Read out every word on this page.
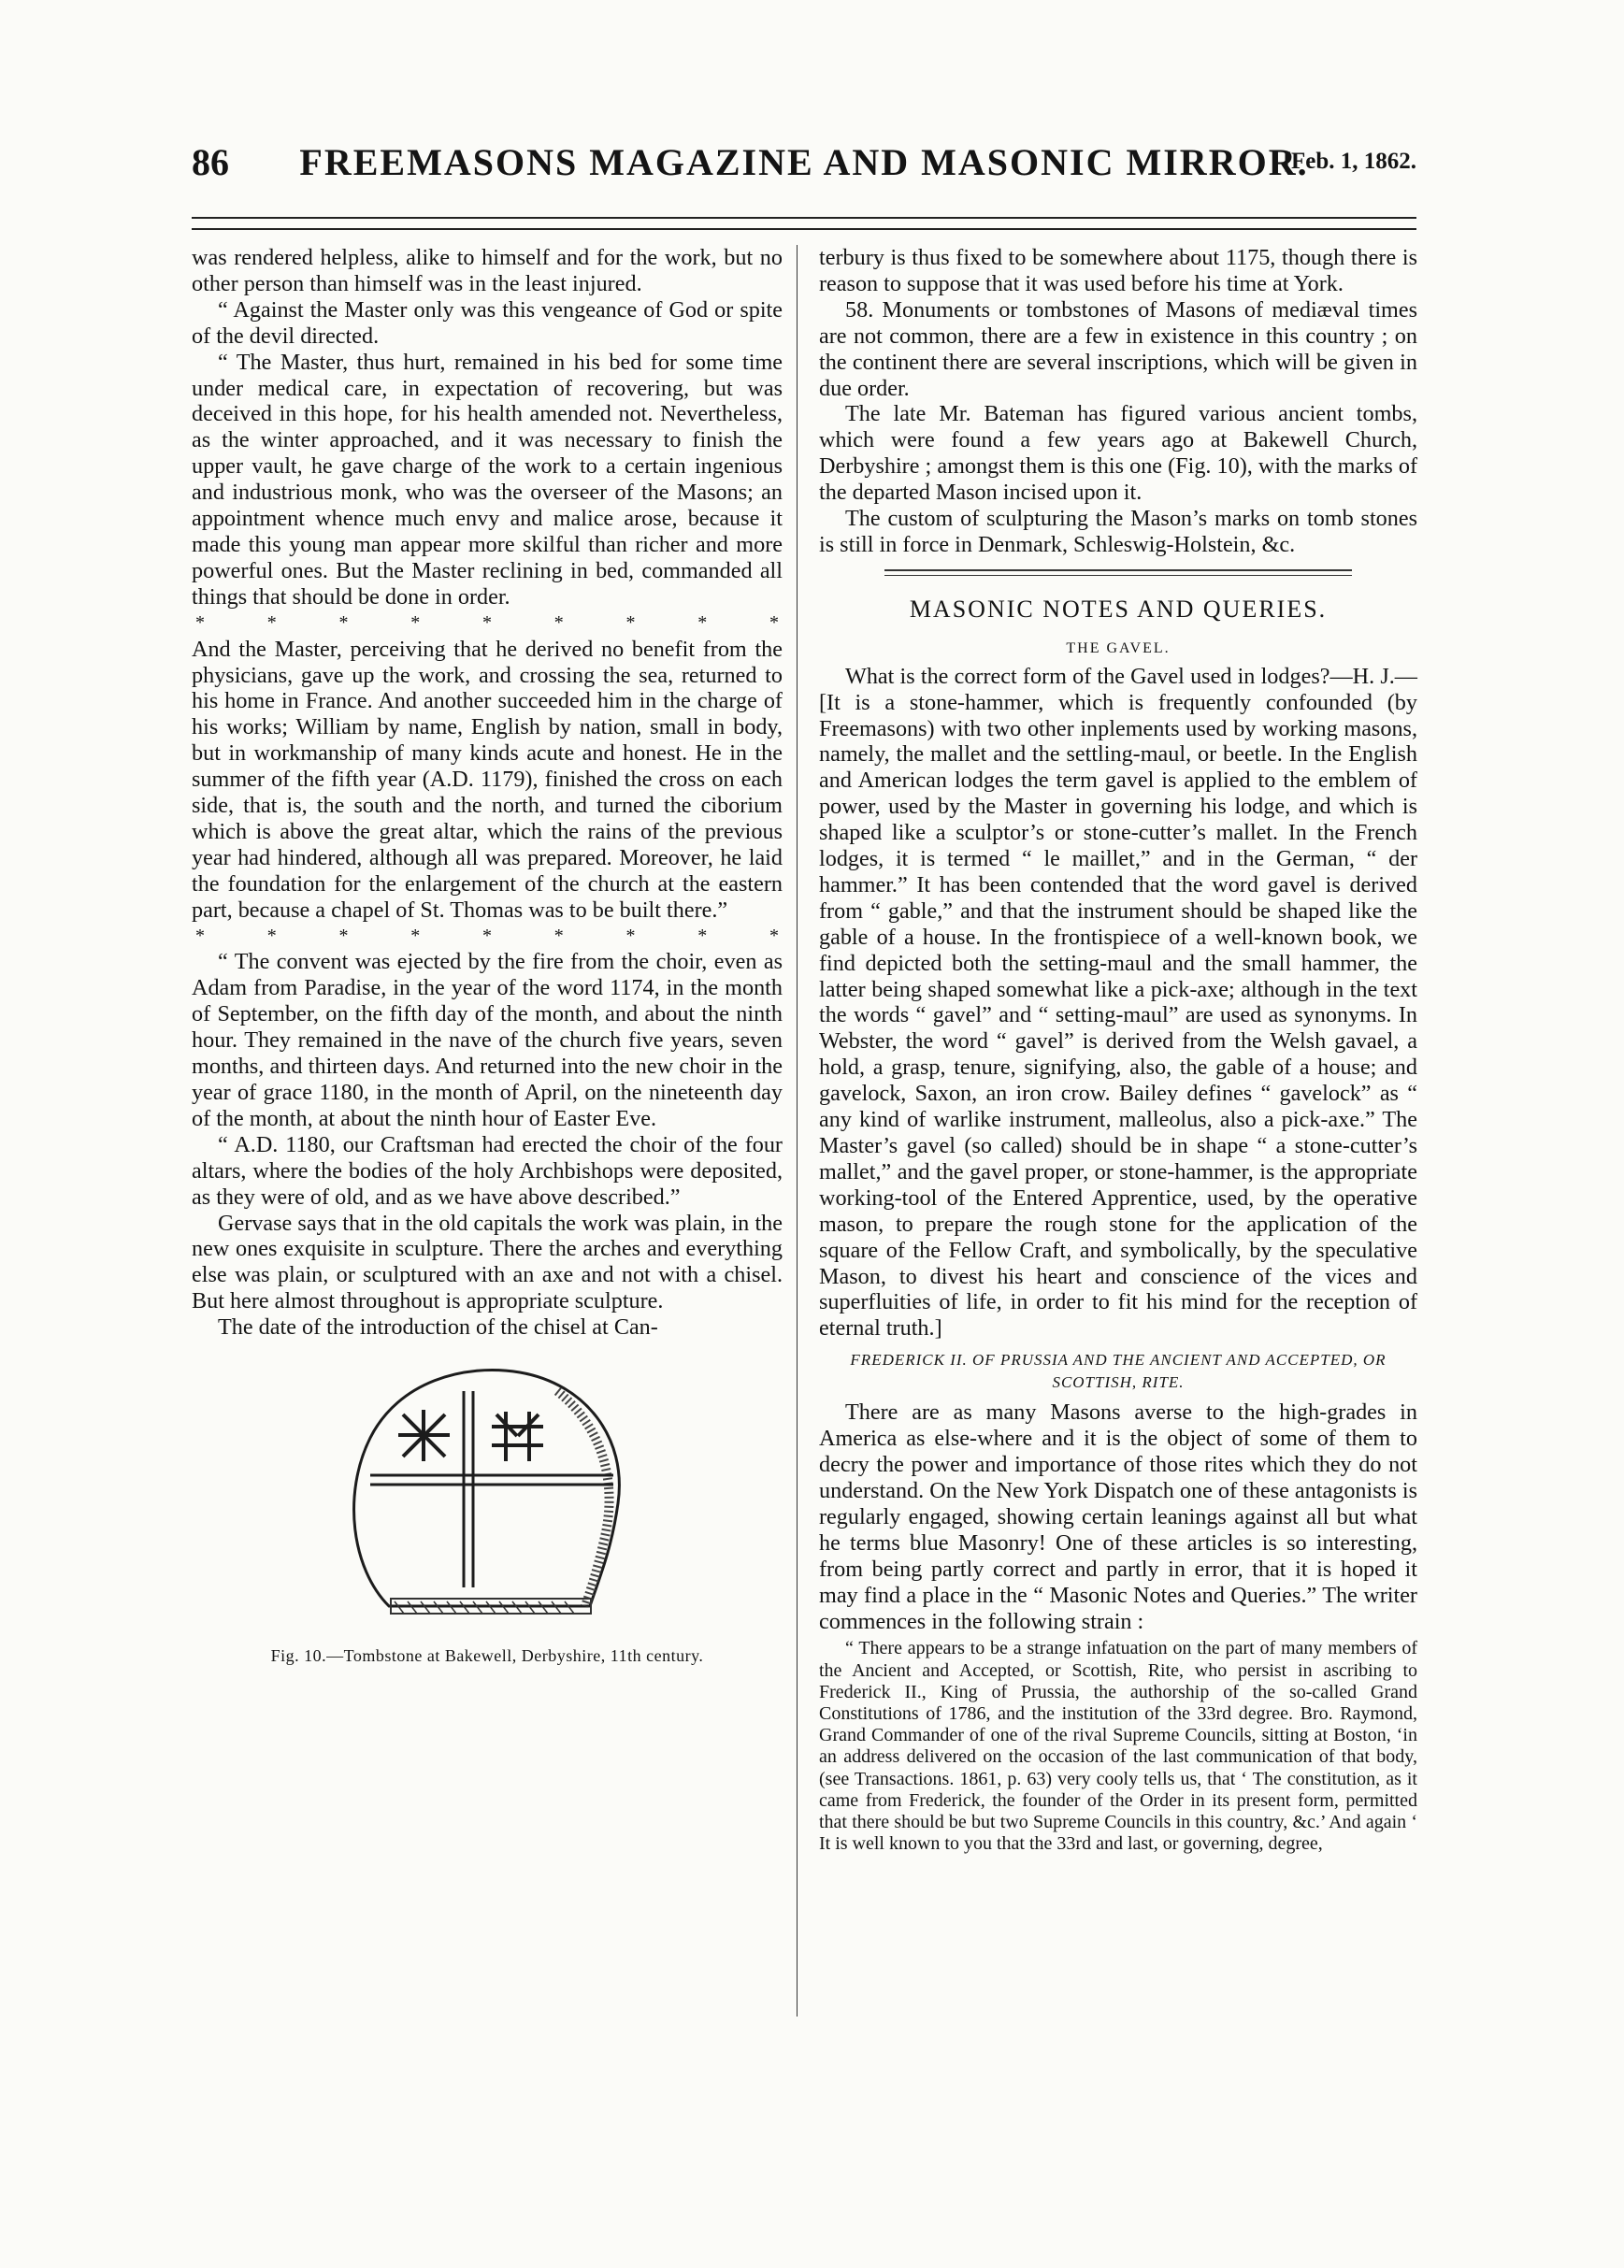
86	FREEMASONS MAGAZINE AND MASONIC MIRROR.
[Feb. 1, 1862.

was rendered helpless, alike to himself and for the work, but no other person than himself was in the least injured.

“ Against the Master only was this vengeance of God or spite of the devil directed.

“ The Master, thus hurt, remained in his bed for some time under medical care, in expectation of recovering, but was deceived in this hope, for his health amended not. Nevertheless, as the winter approached, and it was necessary to finish the upper vault, he gave charge of the work to a certain ingenious and industrious monk, who was the overseer of the Masons; an appointment whence much envy and malice arose, because it made this young man appear more skilful than richer and more powerful ones. But the Master reclining in bed, commanded all things that should be done in order.

*	*	*	*	*	*	*	*	*

And the Master, perceiving that he derived no benefit from the physicians, gave up the work, and crossing the sea, returned to his home in France. And another succeeded him in the charge of his works; William by name, English by nation, small in body, but in workmanship of many kinds acute and honest. He in the summer of the fifth year (A.D. 1179), finished the cross on each side, that is, the south and the north, and turned the ciborium which is above the great altar, which the rains of the previous year had hindered, although all was prepared. Moreover, he laid the foundation for the enlargement of the church at the eastern part, because a chapel of St. Thomas was to be built there.”

*	*	*	*	*	*	*	*	*

“ The convent was ejected by the fire from the choir, even as Adam from Paradise, in the year of the word 1174, in the month of September, on the fifth day of the month, and about the ninth hour. They remained in the nave of the church five years, seven months, and thirteen days. And returned into the new choir in the year of grace 1180, in the month of April, on the nineteenth day of the month, at about the ninth hour of Easter Eve.

“ A.D. 1180, our Craftsman had erected the choir of the four altars, where the bodies of the holy Archbishops were deposited, as they were of old, and as we have above described.”

Gervase says that in the old capitals the work was plain, in the new ones exquisite in sculpture. There the arches and everything else was plain, or sculptured with an axe and not with a chisel. But here almost throughout is appropriate sculpture.

The date of the introduction of the chisel at Can-

Fig. 10.—Tombstone at Bakewell, Derbyshire, 11th century.

terbury is thus fixed to be somewhere about 1175, though there is reason to suppose that it was used before his time at York.

58. Monuments or tombstones of Masons of mediæval times are not common, there are a few in existence in this country ; on the continent there are several inscriptions, which will be given in due order.

The late Mr. Bateman has figured various ancient tombs, which were found a few years ago at Bakewell Church, Derbyshire ; amongst them is this one (Fig. 10), with the marks of the departed Mason incised upon it.

The custom of sculpturing the Mason’s marks on tomb stones is still in force in Denmark, Schleswig-Holstein, &c.

MASONIC NOTES AND QUERIES.
THE GAVEL.

What is the correct form of the Gavel used in lodges?—H. J.—[It is a stone-hammer, which is frequently confounded (by Freemasons) with two other inplements used by working masons, namely, the mallet and the settling-maul, or beetle. In the English and American lodges the term gavel is applied to the emblem of power, used by the Master in governing his lodge, and which is shaped like a sculptor’s or stone-cutter’s mallet. In the French lodges, it is termed “ le maillet,” and in the German, “ der hammer.” It has been contended that the word gavel is derived from “ gable,” and that the instrument should be shaped like the gable of a house. In the frontispiece of a well-known book, we find depicted both the setting-maul and the small hammer, the latter being shaped somewhat like a pick-axe; although in the text the words “ gavel” and “ setting-maul” are used as synonyms. In Webster, the word “ gavel” is derived from the Welsh gavael, a hold, a grasp, tenure, signifying, also, the gable of a house; and gavelock, Saxon, an iron crow. Bailey defines “ gavelock” as “ any kind of warlike instrument, malleolus, also a pick-axe.” The Master’s gavel (so called) should be in shape “ a stone-cutter’s mallet,” and the gavel proper, or stone-hammer, is the appropriate working-tool of the Entered Apprentice, used, by the operative mason, to prepare the rough stone for the application of the square of the Fellow Craft, and symbolically, by the speculative Mason, to divest his heart and conscience of the vices and superfluities of life, in order to fit his mind for the reception of eternal truth.]

FREDERICK II. OF PRUSSIA AND THE ANCIENT AND ACCEPTED, OR SCOTTISH, RITE.

There are as many Masons averse to the high-grades in America as else-where and it is the object of some of them to decry the power and importance of those rites which they do not understand. On the New York Dispatch one of these antagonists is regularly engaged, showing certain leanings against all but what he terms blue Masonry! One of these articles is so interesting, from being partly correct and partly in error, that it is hoped it may find a place in the “ Masonic Notes and Queries.” The writer commences in the following strain :

“ There appears to be a strange infatuation on the part of many members of the Ancient and Accepted, or Scottish, Rite, who persist in ascribing to Frederick II., King of Prussia, the authorship of the so-called Grand Constitutions of 1786, and the institution of the 33rd degree. Bro. Raymond, Grand Commander of one of the rival Supreme Councils, sitting at Boston, ‘in an address delivered on the occasion of the last communication of that body, (see Transactions. 1861, p. 63) very cooly tells us, that ‘ The constitution, as it came from Frederick, the founder of the Order in its present form, permitted that there should be but two Supreme Councils in this country, &c.’ And again ‘ It is well known to you that the 33rd and last, or governing, degree,
